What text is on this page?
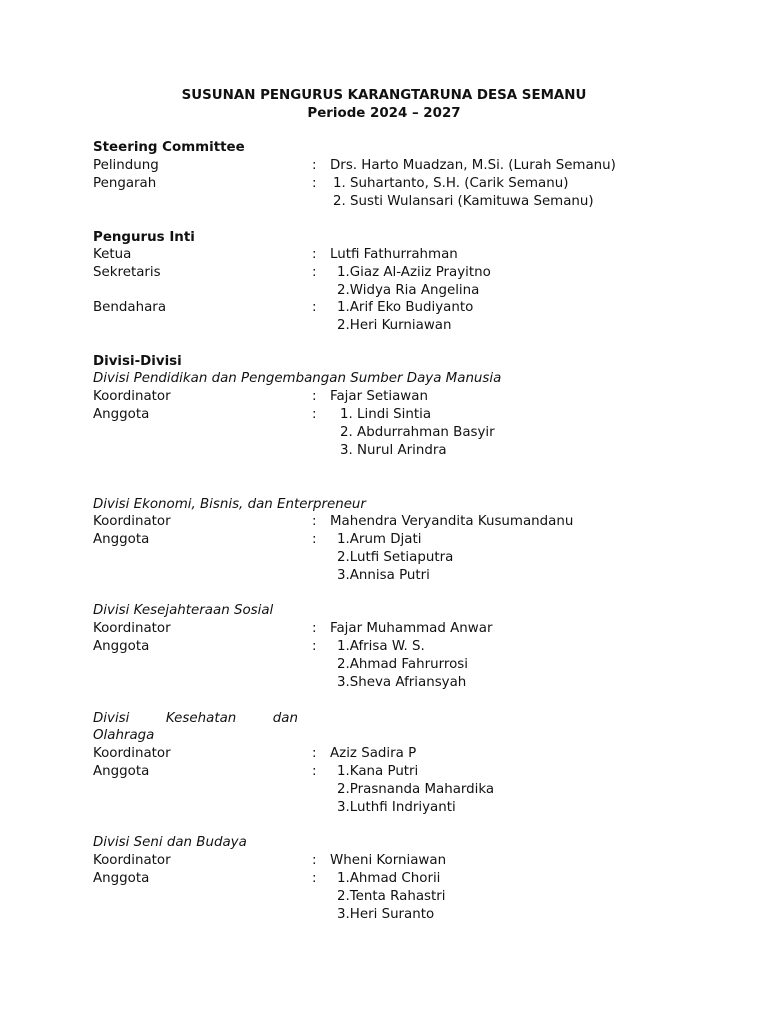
SUSUNAN PENGURUS KARANGTARUNA DESA SEMANU
Periode 2024 – 2027
Steering Committee
Pelindung	: Drs. Harto Muadzan, M.Si. (Lurah Semanu)
Pengarah	: 1. Suhartanto, S.H. (Carik Semanu)
2. Susti Wulansari (Kamituwa Semanu)
Pengurus Inti
Ketua	: Lutfi Fathurrahman
Sekretaris	: 1.Giaz Al-Aziiz Prayitno
2.Widya Ria Angelina
Bendahara	: 1.Arif Eko Budiyanto
2.Heri Kurniawan
Divisi-Divisi
Divisi Pendidikan dan Pengembangan Sumber Daya Manusia
Koordinator	: Fajar Setiawan
Anggota	: 1. Lindi Sintia
2. Abdurrahman Basyir
3. Nurul Arindra
Divisi Ekonomi, Bisnis, dan Enterpreneur
Koordinator	: Mahendra Veryandita Kusumandanu
Anggota	: 1.Arum Djati
2.Lutfi Setiaputra
3.Annisa Putri
Divisi Kesejahteraan Sosial
Koordinator	: Fajar Muhammad Anwar
Anggota	: 1.Afrisa W. S.
2.Ahmad Fahrurrosi
3.Sheva Afriansyah
Divisi	Kesehatan	dan
Olahraga
Koordinator	: Aziz Sadira P
Anggota	: 1.Kana Putri
2.Prasnanda Mahardika
3.Luthfi Indriyanti
Divisi Seni dan Budaya
Koordinator	: Wheni Korniawan
Anggota	: 1.Ahmad Chorii
2.Tenta Rahastri
3.Heri Suranto
